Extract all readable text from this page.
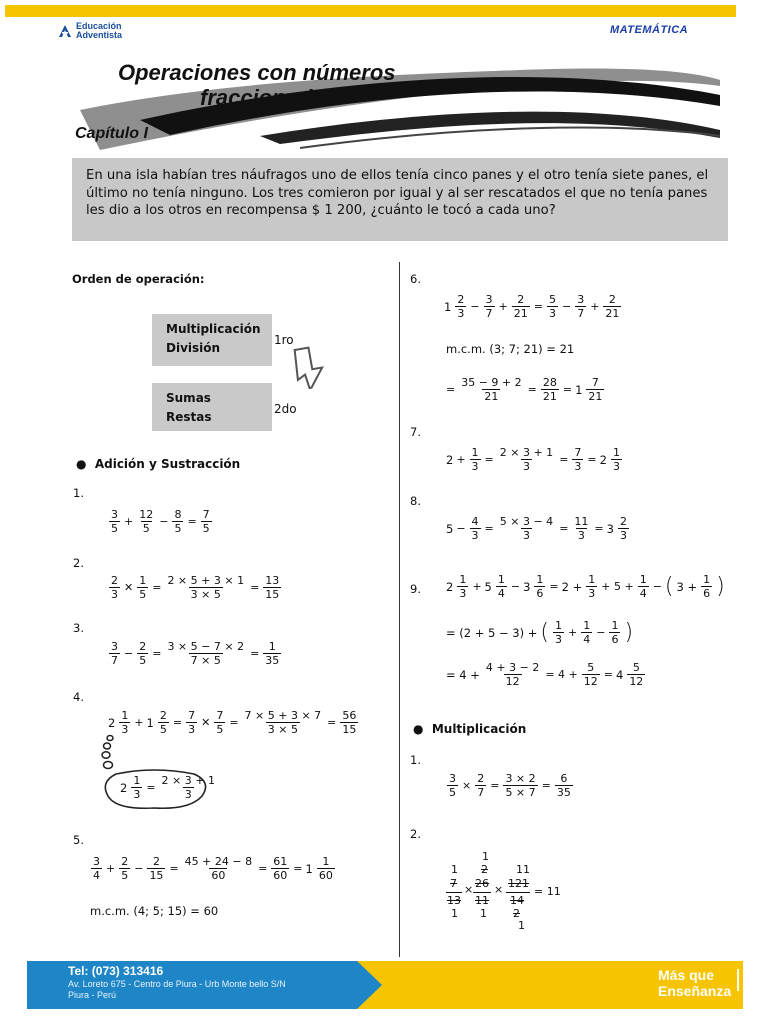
Educación
Adventista	MATEMÁTICA
Operaciones con números
fraccionarios
Capítulo I
En una isla habían tres náufragos uno de ellos tenía cinco panes y el otro tenía siete panes, el último no tenía ninguno. Los tres comieron por igual y al ser rescatados el que no tenía panes les dio a los otros en recompensa $ 1 200, ¿cuánto le tocó a cada uno?
Orden de operación:
Multiplicación
División
1ro
Sumas
Restas
2do
●  Adición y Sustracción
1.
$\frac{3}{5} + \frac{12}{5} - \frac{8}{5} = \frac{7}{5}$
2.
$\frac{2}{3}$ ✕ $\frac{1}{5} = \frac{2 \times 5 + 3 \times 1}{3 \times 5} = \frac{13}{15}$
3.
$\frac{3}{7} - \frac{2}{5} = \frac{3 \times 5 - 7 \times 2}{7 \times 5} = \frac{1}{35}$
4.
$2 \frac{1}{3} + 1 \frac{2}{5} = \frac{7}{3}$ ✕ $\frac{7}{5} = \frac{7 \times 5 + 3 \times 7}{3 \times 5} = \frac{56}{15}$
$2 \frac{1}{3} = \frac{2 \times 3 + 1}{3}$
5.
$\frac{3}{4} + \frac{2}{5} - \frac{2}{15} = \frac{45 + 24 - 8}{60} = \frac{61}{60} = 1 \frac{1}{60}$
m.c.m. (4; 5; 15) = 60
6.
$1 \frac{2}{3} - \frac{3}{7} + \frac{2}{21} = \frac{5}{3} - \frac{3}{7} + \frac{2}{21}$
m.c.m. (3; 7; 21) = 21
= $\frac{35 - 9 + 2}{21} = \frac{28}{21} = 1 \frac{7}{21}$
7.
$2 + \frac{1}{3} = \frac{2 \times 3 + 1}{3} = \frac{7}{3} = 2 \frac{1}{3}$
8.
$5 - \frac{4}{3} = \frac{5 \times 3 - 4}{3} = \frac{11}{3} = 3 \frac{2}{3}$
9. $2 \frac{1}{3} + 5 \frac{1}{4} - 3 \frac{1}{6} = 2 + \frac{1}{3} + 5 + \frac{1}{4}$ − ( $3 + \frac{1}{6}$ )
= (2 + 5 − 3) + ( $\frac{1}{3} + \frac{1}{4} - \frac{1}{6}$ )
= $4 + \frac{4 + 3 - 2}{12} = 4 + \frac{5}{12} = 4 \frac{5}{12}$
●  Multiplicación
1.
$\frac{3}{5} \times \frac{2}{7} = \frac{3 \times 2}{5 \times 7} = \frac{6}{35}$
2.
1
7
13
1
×
1
2
26
11
1
×
11
121
14
2
1
= 11
Tel: (073) 313416
Av. Loreto 675 - Centro de Piura - Urb Monte bello S/N
Piura - Perú
Más que
Enseñanza
